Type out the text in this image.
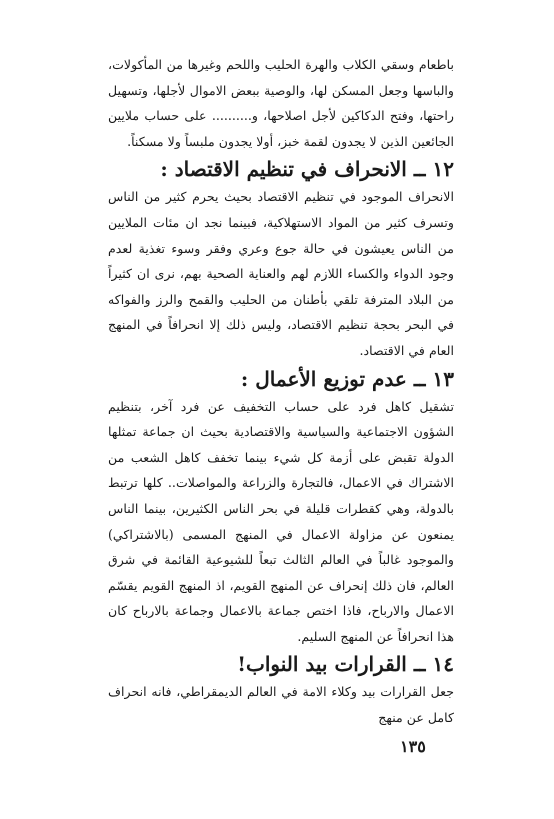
باطعام وسقي الكلاب والهرة الحليب واللحم وغيرها من المأكولات، والباسها وجعل المسكن لها، والوصية ببعض الاموال لأجلها، وتسهيل راحتها، وفتح الدكاكين لأجل اصلاحها، و.......... على حساب ملايين الجائعين الذين لا يجدون لقمة خبز، أولا يجدون ملبساً ولا مسكناً.

١٢ ــ الانحراف في تنظيم الاقتصاد :

الانحراف الموجود في تنظيم الاقتصاد بحيث يحرم كثير من الناس وتسرف كثير من المواد الاستهلاكية، فبينما نجد ان مئات الملايين من الناس يعيشون في حالة جوع وعري وفقر وسوء تغذية لعدم وجود الدواء والكساء اللازم لهم والعناية الصحية بهم، نرى ان كثيراً من البلاد المترفة تلقي بأطنان من الحليب والقمح والرز والفواكه في البحر بحجة تنظيم الاقتصاد، وليس ذلك إلا انحرافاً في المنهج العام في الاقتصاد.

١٣ ــ عدم توزيع الأعمال :

تشقيل كاهل فرد على حساب التخفيف عن فرد آخر، بتنظيم الشؤون الاجتماعية والسياسية والاقتصادية بحيث ان جماعة تمثلها الدولة تقبض على أزمة كل شيء بينما تخفف كاهل الشعب من الاشتراك في الاعمال، فالتجارة والزراعة والمواصلات.. كلها ترتبط بالدولة، وهي كقطرات قليلة في بحر الناس الكثيرين، بينما الناس يمنعون عن مزاولة الاعمال في المنهج المسمى (بالاشتراكي) والموجود غالباً في العالم الثالث تبعاً للشيوعية القائمة في شرق العالم، فان ذلك إنحراف عن المنهج القويم، اذ المنهج القويم يقسّم الاعمال والارباح، فاذا اختص جماعة بالاعمال وجماعة بالارباح كان هذا انحرافاً عن المنهج السليم.

١٤ ــ القرارات بيد النواب!

جعل القرارات بيد وكلاء الامة في العالم الديمقراطي، فانه انحراف كامل عن منهج

١٣٥
